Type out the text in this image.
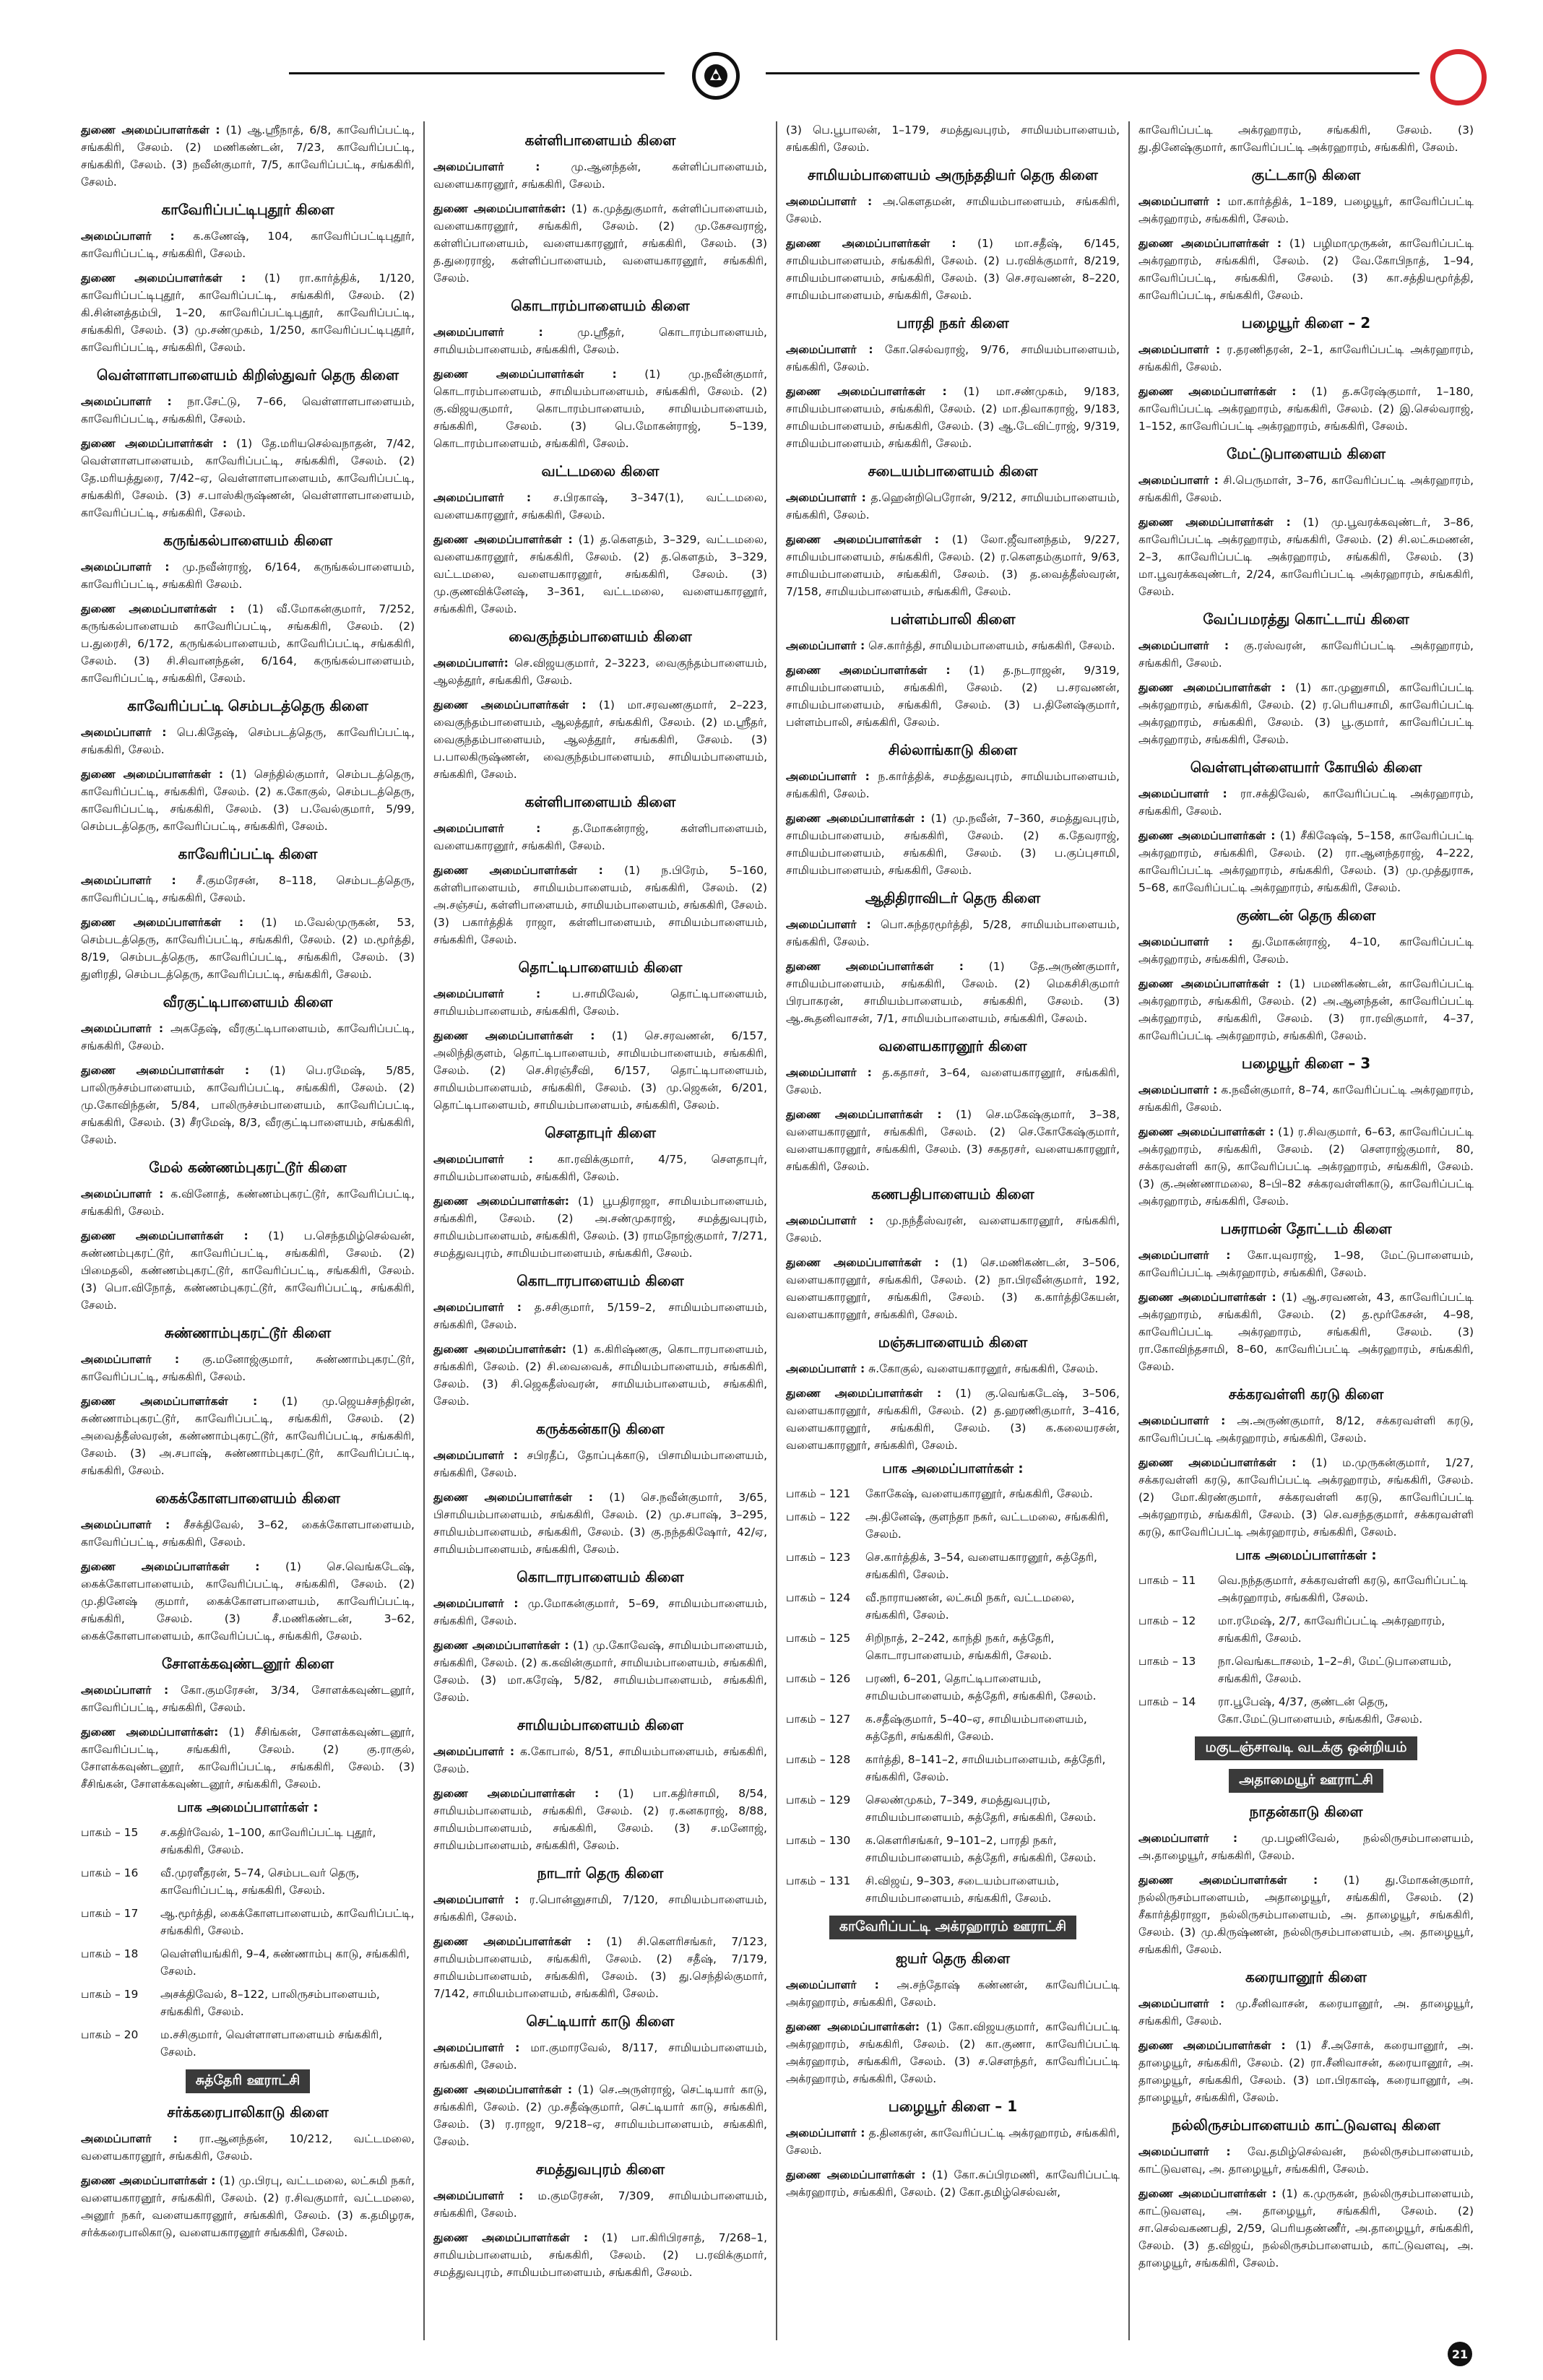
துணை அமைப்பாளர்கள் : (1) ஆ.ஸ்ரீநாத், 6/8, காவேரிப்பட்டி, சங்ககிரி, சேலம். (2) மணிகண்டன், 7/23, காவேரிப்பட்டி, சங்ககிரி, சேலம். (3) நவீன்குமார், 7/5, காவேரிப்பட்டி, சங்ககிரி, சேலம்.

காவேரிப்பட்டிபுதூர் கிளை

அமைப்பாளர் : க.கணேஷ், 104, காவேரிப்பட்டிபுதூர், காவேரிப்பட்டி, சங்ககிரி, சேலம்.

துணை அமைப்பாளர்கள் : (1) ரா.கார்த்திக், 1/120, காவேரிப்பட்டிபுதூர், காவேரிப்பட்டி, சங்ககிரி, சேலம். (2) கி.சின்னத்தம்பி, 1–20, காவேரிப்பட்டிபுதூர், காவேரிப்பட்டி, சங்ககிரி, சேலம். (3) மு.சண்முகம், 1/250, காவேரிப்பட்டிபுதூர், காவேரிப்பட்டி, சங்ககிரி, சேலம்.

வெள்ளாளபாளையம் கிறிஸ்துவர் தெரு கிளை

அமைப்பாளர் : நா.சேட்டு, 7–66, வெள்ளாளபாளையம், காவேரிப்பட்டி, சங்ககிரி, சேலம்.

துணை அமைப்பாளர்கள் : (1) தே.மரியசெல்வநாதன், 7/42, வெள்ளாளபாளையம், காவேரிப்பட்டி, சங்ககிரி, சேலம். (2) தே.மரியத்துரை, 7/42–ஏ, வெள்ளாளபாளையம், காவேரிப்பட்டி, சங்ககிரி, சேலம். (3) ச.பாஸ்கிருஷ்ணன், வெள்ளாளபாளையம், காவேரிப்பட்டி, சங்ககிரி, சேலம்.

கருங்கல்பாளையம் கிளை

அமைப்பாளர் : மு.நவீன்ராஜ், 6/164, கருங்கல்பாளையம், காவேரிப்பட்டி, சங்ககிரி சேலம்.

துணை அமைப்பாளர்கள் : (1) வீ.மோகன்குமார், 7/252, கருங்கல்பாளையம் காவேரிப்பட்டி, சங்ககிரி, சேலம். (2) ப.துரைசி, 6/172, கருங்கல்பாளையம், காவேரிப்பட்டி, சங்ககிரி, சேலம். (3) சி.சிவானந்தன், 6/164, கருங்கல்பாளையம், காவேரிப்பட்டி, சங்ககிரி, சேலம்.

காவேரிப்பட்டி செம்படத்தெரு கிளை

அமைப்பாளர் : பெ.கிதேஷ், செம்படத்தெரு, காவேரிப்பட்டி, சங்ககிரி, சேலம்.

துணை அமைப்பாளர்கள் : (1) செந்தில்குமார், செம்படத்தெரு, காவேரிப்பட்டி, சங்ககிரி, சேலம். (2) க.கோகுல், செம்படத்தெரு, காவேரிப்பட்டி, சங்ககிரி, சேலம். (3) ப.வேல்குமார், 5/99, செம்படத்தெரு, காவேரிப்பட்டி, சங்ககிரி, சேலம்.

காவேரிப்பட்டி கிளை

அமைப்பாளர் : சீ.குமரேசன், 8–118, செம்படத்தெரு, காவேரிப்பட்டி, சங்ககிரி, சேலம்.

துணை அமைப்பாளர்கள் : (1) ம.வேல்முருகன், 53, செம்படத்தெரு, காவேரிப்பட்டி, சங்ககிரி, சேலம். (2) ம.மூர்த்தி, 8/19, செம்படத்தெரு, காவேரிப்பட்டி, சங்ககிரி, சேலம். (3) துளிரதி, செம்படத்தெரு, காவேரிப்பட்டி, சங்ககிரி, சேலம்.

வீரகுட்டிபாளையம் கிளை

அமைப்பாளர் : அகதேஷ், வீரகுட்டிபாளையம், காவேரிப்பட்டி, சங்ககிரி, சேலம்.

துணை அமைப்பாளர்கள் : (1) பெ.ரமேஷ், 5/85, பாலிருச்சம்பாளையம், காவேரிப்பட்டி, சங்ககிரி, சேலம். (2) மு.கோவிந்தன், 5/84, பாலிருச்சம்பாளையம், காவேரிப்பட்டி, சங்ககிரி, சேலம். (3) சீரமேஷ், 8/3, வீரகுட்டிபாளையம், சங்ககிரி, சேலம்.

மேல் கண்ணம்புகரட்டூர் கிளை

அமைப்பாளர் : க.வினோத், கண்ணம்புகரட்டூர், காவேரிப்பட்டி, சங்ககிரி, சேலம்.

துணை அமைப்பாளர்கள் : (1) ப.செந்தமிழ்செல்வன், சுண்ணம்புகரட்டூர், காவேரிப்பட்டி, சங்ககிரி, சேலம். (2) பிமைதலி, கண்ணம்புகரட்டூர், காவேரிப்பட்டி, சங்ககிரி, சேலம். (3) பொ.விநோத், கண்ணம்புகரட்டூர், காவேரிப்பட்டி, சங்ககிரி, சேலம்.

சுண்ணாம்புகரட்டூர் கிளை

அமைப்பாளர் : கு.மனோஜ்குமார், சுண்ணாம்புகரட்டூர், காவேரிப்பட்டி, சங்ககிரி, சேலம்.

துணை அமைப்பாளர்கள் : (1) மு.ஜெயச்சந்திரன், சுண்ணாம்புகரட்டூர், காவேரிப்பட்டி, சங்ககிரி, சேலம். (2) அவைத்தீஸ்வரன், கண்ணாம்புகரட்டூர், காவேரிப்பட்டி, சங்ககிரி, சேலம். (3) அ.சபாஷ், சுண்ணாம்புகரட்டூர், காவேரிப்பட்டி, சங்ககிரி, சேலம்.

கைக்கோளபாளையம் கிளை

அமைப்பாளர் : சீசக்திவேல், 3–62, கைக்கோளபாளையம், காவேரிப்பட்டி, சங்ககிரி, சேலம்.

துணை அமைப்பாளர்கள் : (1) செ.வெங்கடேஷ், கைக்கோளபாளையம், காவேரிப்பட்டி, சங்ககிரி, சேலம். (2) மு.தினேஷ் குமார், கைக்கோளபாளையம், காவேரிப்பட்டி, சங்ககிரி, சேலம். (3) சீ.மணிகண்டன், 3–62, கைக்கோளபாளையம், காவேரிப்பட்டி, சங்ககிரி, சேலம்.

சோளக்கவுண்டனூர் கிளை

அமைப்பாளர் : கோ.குமரேசன், 3/34, சோளக்கவுண்டனூர், காவேரிப்பட்டி, சங்ககிரி, சேலம்.

துணை அமைப்பாளர்கள்: (1) சீசிங்கன், சோளக்கவுண்டனூர், காவேரிப்பட்டி, சங்ககிரி, சேலம். (2) கு.ராகுல், சோளக்கவுண்டனூர், காவேரிப்பட்டி, சங்ககிரி, சேலம். (3) சீசிங்கன், சோளக்கவுண்டனூர், சங்ககிரி, சேலம்.

பாக அமைப்பாளர்கள் :
பாகம் – 15	ச.கதிர்வேல், 1–100, காவேரிப்பட்டி புதூர், சங்ககிரி, சேலம்.
பாகம் – 16	வீ.முரளீதரன், 5–74, செம்படவர் தெரு, காவேரிப்பட்டி, சங்ககிரி, சேலம்.
பாகம் – 17	ஆ.மூர்த்தி, கைக்கோளபாளையம், காவேரிப்பட்டி, சங்ககிரி, சேலம்.
பாகம் – 18	வெள்ளியங்கிரி, 9–4, சுண்ணாம்பு காடு, சங்ககிரி, சேலம்.
பாகம் – 19	அசக்திவேல், 8–122, பாலிருசம்பாளையம், சங்ககிரி, சேலம்.
பாகம் – 20	ம.சசிகுமார், வெள்ளாளபாளையம் சங்ககிரி, சேலம்.
சுத்தேரி ஊராட்சி
சர்க்கரைபாலிகாடு கிளை

அமைப்பாளர் : ரா.ஆனந்தன், 10/212, வட்டமலை, வளையகாரனூர், சங்ககிரி, சேலம்.

துணை அமைப்பாளர்கள் : (1) மு.பிரபு, வட்டமலை, லட்சுமி நகர், வளையகாரனூர், சங்ககிரி, சேலம். (2) ர.சிவகுமார், வட்டமலை, அனூர் நகர், வளையகாரனூர், சங்ககிரி, சேலம். (3) க.தமிழரசு, சர்க்கரைபாலிகாடு, வளையகாரனூர் சங்ககிரி, சேலம்.

கள்ளிபாளையம் கிளை

அமைப்பாளர் :	மு.ஆனந்தன், கள்ளிப்பாளையம், வளையகாரனூர், சங்ககிரி, சேலம்.

துணை அமைப்பாளர்கள்: (1) க.முத்துகுமார், கள்ளிப்பாளையம், வளையகாரனூர், சங்ககிரி, சேலம். (2) மு.கேசவராஜ், கள்ளிப்பாளையம், வளையகாரனூர், சங்ககிரி, சேலம். (3) த.துரைராஜ், கள்ளிப்பாளையம், வளையகாரனூர், சங்ககிரி, சேலம்.

கொடாரம்பாளையம் கிளை

அமைப்பாளர் :	மு.ஸ்ரீதர், கொடாரம்பாளையம், சாமியம்பாளையம், சங்ககிரி, சேலம்.

துணை அமைப்பாளர்கள் : (1) மு.நவீன்குமார், கொடாரம்பாளையம், சாமியம்பாளையம், சங்ககிரி, சேலம். (2) கு.விஜயகுமார், கொடாரம்பாளையம், சாமியம்பாளையம், சங்ககிரி, சேலம். (3) பெ.மோகன்ராஜ், 5–139, கொடாரம்பாளையம், சங்ககிரி, சேலம்.

வட்டமலை கிளை

அமைப்பாளர் : ச.பிரகாஷ், 3–347(1), வட்டமலை, வளையகாரனூர், சங்ககிரி, சேலம்.

துணை அமைப்பாளர்கள் : (1) த.கௌதம், 3–329, வட்டமலை, வளையகாரனூர், சங்ககிரி, சேலம். (2) த.கௌதம், 3–329, வட்டமலை, வளையகாரனூர், சங்ககிரி, சேலம். (3) மு.குணவிக்னேஷ், 3–361, வட்டமலை, வளையகாரனூர், சங்ககிரி, சேலம்.

வைகுந்தம்பாளையம் கிளை

அமைப்பாளர்: செ.விஜயகுமார், 2–3223, வைகுந்தம்பாளையம், ஆலத்தூர், சங்ககிரி, சேலம்.

துணை அமைப்பாளர்கள் : (1) மா.சரவணகுமார், 2–223, வைகுந்தம்பாளையம், ஆலத்தூர், சங்ககிரி, சேலம். (2) ம.ஸ்ரீதர், வைகுந்தம்பாளையம், ஆலத்தூர், சங்ககிரி, சேலம். (3) ப.பாலகிருஷ்ணன், வைகுந்தம்பாளையம், சாமியம்பாளையம், சங்ககிரி, சேலம்.

கள்ளிபாளையம் கிளை

அமைப்பாளர் :	த.மோகன்ராஜ், கள்ளிபாளையம், வளையகாரனூர், சங்ககிரி, சேலம்.

துணை அமைப்பாளர்கள் : (1) ந.பிரேம், 5–160, கள்ளிபாளையம், சாமியம்பாளையம், சங்ககிரி, சேலம். (2) அ.சஞ்சய், கள்ளிபாளையம், சாமியம்பாளையம், சங்ககிரி, சேலம். (3) பகார்த்திக் ராஜா, கள்ளிபாளையம், சாமியம்பாளையம், சங்ககிரி, சேலம்.

தொட்டிபாளையம் கிளை

அமைப்பாளர் :	ப.சாமிவேல், தொட்டிபாளையம், சாமியம்பாளையம், சங்ககிரி, சேலம்.

துணை அமைப்பாளர்கள் : (1) செ.சரவணன், 6/157, அலிந்திகுளம், தொட்டிபாளையம், சாமியம்பாளையம், சங்ககிரி, சேலம். (2) செ.சிரஞ்சீவி, 6/157, தொட்டிபாளையம், சாமியம்பாளையம், சங்ககிரி, சேலம். (3) மு.ஜெகன், 6/201, தொட்டிபாளையம், சாமியம்பாளையம், சங்ககிரி, சேலம்.

சௌதாபுர் கிளை

அமைப்பாளர் : கா.ரவிக்குமார், 4/75, சௌதாபுர், சாமியம்பாளையம், சங்ககிரி, சேலம்.

துணை அமைப்பாளர்கள்: (1) பூபதிராஜா, சாமியம்பாளையம், சங்ககிரி, சேலம். (2) அ.சண்முகராஜ், சமத்துவபுரம், சாமியம்பாளையம், சங்ககிரி, சேலம். (3) ராமநோஜ்குமார், 7/271, சமத்துவபுரம், சாமியம்பாளையம், சங்ககிரி, சேலம்.

கொடாரபாளையம் கிளை

அமைப்பாளர் : த.சசிகுமார், 5/159–2, சாமியம்பாளையம், சங்ககிரி, சேலம்.

துணை அமைப்பாளர்கள்: (1) க.கிரிஷ்ணகு, கொடாரபாளையம், சங்ககிரி, சேலம். (2) சி.வைவைக், சாமியம்பாளையம், சங்ககிரி, சேலம். (3) சி.ஜெகதீஸ்வரன், சாமியம்பாளையம், சங்ககிரி, சேலம்.

கருக்கன்காடு கிளை

அமைப்பாளர் : சபிரதீப், தோப்புக்காடு, பிசாமியம்பாளையம், சங்ககிரி, சேலம்.

துணை அமைப்பாளர்கள் : (1) செ.நவீன்குமார், 3/65, பிசாமியம்பாளையம், சங்ககிரி, சேலம். (2) மு.சபாஷ், 3–295, சாமியம்பாளையம், சங்ககிரி, சேலம். (3) கு.நந்தகிஷோர், 42/ஏ, சாமியம்பாளையம், சங்ககிரி, சேலம்.

கொடாரபாளையம் கிளை

அமைப்பாளர் : மு.மோகன்குமார், 5–69, சாமியம்பாளையம், சங்ககிரி, சேலம்.

துணை அமைப்பாளர்கள் : (1) மு.கோவேஷ், சாமியம்பாளையம், சங்ககிரி, சேலம். (2) க.கவின்குமார், சாமியம்பாளையம், சங்ககிரி, சேலம். (3) மா.கரேஷ், 5/82, சாமியம்பாளையம், சங்ககிரி, சேலம்.

சாமியம்பாளையம் கிளை

அமைப்பாளர் : க.கோபால், 8/51, சாமியம்பாளையம், சங்ககிரி, சேலம்.

துணை அமைப்பாளர்கள் : (1) பா.கதிர்சாமி, 8/54, சாமியம்பாளையம், சங்ககிரி, சேலம். (2) ர.கனகராஜ், 8/88, சாமியம்பாளையம், சங்ககிரி, சேலம். (3) ச.மனோஜ், சாமியம்பாளையம், சங்ககிரி, சேலம்.

நாடார் தெரு கிளை

அமைப்பாளர் : ர.பொன்னுசாமி, 7/120, சாமியம்பாளையம், சங்ககிரி, சேலம்.

துணை அமைப்பாளர்கள் : (1) சி.கௌரிசங்கர், 7/123, சாமியம்பாளையம், சங்ககிரி, சேலம். (2) சதீஷ், 7/179, சாமியம்பாளையம், சங்ககிரி, சேலம். (3) து.செந்தில்குமார், 7/142, சாமியம்பாளையம், சங்ககிரி, சேலம்.

செட்டியார் காடு கிளை

அமைப்பாளர் : மா.குமாரவேல், 8/117, சாமியம்பாளையம், சங்ககிரி, சேலம்.

துணை அமைப்பாளர்கள் : (1) செ.அருள்ராஜ், செட்டியார் காடு, சங்ககிரி, சேலம். (2) மு.சதீஷ்குமார், செட்டியார் காடு, சங்ககிரி, சேலம். (3) ர.ராஜா, 9/218–ஏ, சாமியம்பாளையம், சங்ககிரி, சேலம்.

சமத்துவபுரம் கிளை

அமைப்பாளர் : ம.குமரேசன், 7/309, சாமியம்பாளையம், சங்ககிரி, சேலம்.

துணை அமைப்பாளர்கள் : (1) பா.கிரிபிரசாத், 7/268–1, சாமியம்பாளையம், சங்ககிரி, சேலம். (2) ப.ரவிக்குமார், சமத்துவபுரம், சாமியம்பாளையம், சங்ககிரி, சேலம்.

(3) பெ.பூபாலன், 1–179, சமத்துவபுரம், சாமியம்பாளையம், சங்ககிரி, சேலம்.

சாமியம்பாளையம் அருந்ததியர் தெரு கிளை

அமைப்பாளர் : அ.கௌதமன், சாமியம்பாளையம், சங்ககிரி, சேலம்.

துணை அமைப்பாளர்கள் : (1) மா.சதீஷ், 6/145, சாமியம்பாளையம், சங்ககிரி, சேலம். (2) ப.ரவிக்குமார், 8/219, சாமியம்பாளையம், சங்ககிரி, சேலம். (3) செ.சரவணன், 8–220, சாமியம்பாளையம், சங்ககிரி, சேலம்.

பாரதி நகர் கிளை

அமைப்பாளர் : கோ.செல்வராஜ், 9/76, சாமியம்பாளையம், சங்ககிரி, சேலம்.

துணை அமைப்பாளர்கள் : (1) மா.சண்முகம், 9/183, சாமியம்பாளையம், சங்ககிரி, சேலம். (2) மா.திவாகராஜ், 9/183, சாமியம்பாளையம், சங்ககிரி, சேலம். (3) ஆ.டேவிட்ராஜ், 9/319, சாமியம்பாளையம், சங்ககிரி, சேலம்.

சடையம்பாளையம் கிளை

அமைப்பாளர் : த.ஹென்றிபெரோன், 9/212, சாமியம்பாளையம், சங்ககிரி, சேலம்.

துணை அமைப்பாளர்கள் : (1) லோ.ஜீவானந்தம், 9/227, சாமியம்பாளையம், சங்ககிரி, சேலம். (2) ர.கௌதம்குமார், 9/63, சாமியம்பாளையம், சங்ககிரி, சேலம். (3) த.வைத்தீஸ்வரன், 7/158, சாமியம்பாளையம், சங்ககிரி, சேலம்.

பள்ளம்பாலி கிளை

அமைப்பாளர் : செ.கார்த்தி, சாமியம்பாளையம், சங்ககிரி, சேலம்.

துணை அமைப்பாளர்கள் : (1) த.நடராஜன், 9/319, சாமியம்பாளையம், சங்ககிரி, சேலம். (2) ப.சரவணன், சாமியம்பாளையம், சங்ககிரி, சேலம். (3) ப.தினேஷ்குமார், பள்ளம்பாலி, சங்ககிரி, சேலம்.

சில்லாங்காடு கிளை

அமைப்பாளர் : ந.கார்த்திக், சமத்துவபுரம், சாமியம்பாளையம், சங்ககிரி, சேலம்.

துணை அமைப்பாளர்கள் : (1) மு.நவீன், 7–360, சமத்துவபுரம், சாமியம்பாளையம், சங்ககிரி, சேலம். (2) க.தேவராஜ், சாமியம்பாளையம், சங்ககிரி, சேலம். (3) ப.குப்புசாமி, சாமியம்பாளையம், சங்ககிரி, சேலம்.

ஆதிதிராவிடர் தெரு கிளை

அமைப்பாளர் : பொ.சுந்தரமூர்த்தி, 5/28, சாமியம்பாளையம், சங்ககிரி, சேலம்.

துணை அமைப்பாளர்கள் : (1) தே.அருண்குமார், சாமியம்பாளையம், சங்ககிரி, சேலம். (2) மெகசிசிகுமார் பிரபாகரன், சாமியம்பாளையம், சங்ககிரி, சேலம். (3) ஆ.கூதனிவாசன், 7/1, சாமியம்பாளையம், சங்ககிரி, சேலம்.

வளையகாரனூர் கிளை

அமைப்பாளர் : த.கதாசர், 3–64, வளையகாரனூர், சங்ககிரி, சேலம்.

துணை அமைப்பாளர்கள் : (1) செ.மகேஷ்குமார், 3–38, வளையகாரனூர், சங்ககிரி, சேலம். (2) செ.கோகேஷ்குமார், வளையகாரனூர், சங்ககிரி, சேலம். (3) சகதரசர், வளையகாரனூர், சங்ககிரி, சேலம்.

கணபதிபாளையம் கிளை

அமைப்பாளர் : மு.நந்தீஸ்வரன், வளையகாரனூர், சங்ககிரி, சேலம்.

துணை அமைப்பாளர்கள் : (1) செ.மணிகண்டன், 3–506, வளையகாரனூர், சங்ககிரி, சேலம். (2) நா.பிரவீன்குமார், 192, வளையகாரனூர், சங்ககிரி, சேலம். (3) க.கார்த்திகேயன், வளையகாரனூர், சங்ககிரி, சேலம்.

மஞ்சுபாளையம் கிளை

அமைப்பாளர் : சு.கோகுல், வளையகாரனூர், சங்ககிரி, சேலம்.

துணை அமைப்பாளர்கள் : (1) கு.வெங்கடேஷ், 3–506, வளையகாரனூர், சங்ககிரி, சேலம். (2) த.ஹரணிகுமார், 3–416, வளையகாரனூர், சங்ககிரி, சேலம். (3) க.கலையரசன், வளையகாரனூர், சங்ககிரி, சேலம்.

பாக அமைப்பாளர்கள் :
பாகம் – 121	கோகேஷ், வளையகாரனூர், சங்ககிரி, சேலம்.
பாகம் – 122	அ.தினேஷ், குளந்தா நகர், வட்டமலை, சங்ககிரி, சேலம்.
பாகம் – 123	செ.கார்த்திக், 3–54, வளையகாரனூர், சுத்தேரி, சங்ககிரி, சேலம்.
பாகம் – 124	வீ.நாராயணன், லட்சுமி நகர், வட்டமலை, சங்ககிரி, சேலம்.
பாகம் – 125	சிறிநாத், 2–242, காந்தி நகர், சுத்தேரி, கொடாரபாளையம், சங்ககிரி, சேலம்.
பாகம் – 126	பரணி, 6–201, தொட்டிபாளையம், சாமியம்பாளையம், சுத்தேரி, சங்ககிரி, சேலம்.
பாகம் – 127	க.சதீஷ்குமார், 5–40–ஏ, சாமியம்பாளையம், சுத்தேரி, சங்ககிரி, சேலம்.
பாகம் – 128	கார்த்தி, 8–141–2, சாமியம்பாளையம், சுத்தேரி, சங்ககிரி, சேலம்.
பாகம் – 129	செலண்முகம், 7–349, சமத்துவபுரம், சாமியம்பாளையம், சுத்தேரி, சங்ககிரி, சேலம்.
பாகம் – 130	க.கௌரிசங்கர், 9–101–2, பாரதி நகர், சாமியம்பாளையம், சுத்தேரி, சங்ககிரி, சேலம்.
பாகம் – 131	சி.விஜய், 9–303, சடையம்பாளையம், சாமியம்பாளையம், சங்ககிரி, சேலம்.
காவேரிப்பட்டி அக்ரஹாரம் ஊராட்சி
ஐயர் தெரு கிளை

அமைப்பாளர் : அ.சந்தோஷ் கண்ணன், காவேரிப்பட்டி அக்ரஹாரம், சங்ககிரி, சேலம்.

துணை அமைப்பாளர்கள்: (1) கோ.விஜயகுமார், காவேரிப்பட்டி அக்ரஹாரம், சங்ககிரி, சேலம். (2) கா.குணா, காவேரிப்பட்டி அக்ரஹாரம், சங்ககிரி, சேலம். (3) ச.சௌந்தர், காவேரிப்பட்டி அக்ரஹாரம், சங்ககிரி, சேலம்.

பழையூர் கிளை – 1

அமைப்பாளர் : த.தினகரன், காவேரிப்பட்டி அக்ரஹாரம், சங்ககிரி, சேலம்.

துணை அமைப்பாளர்கள் : (1) கோ.சுப்பிரமணி, காவேரிப்பட்டி அக்ரஹாரம், சங்ககிரி, சேலம். (2) கோ.தமிழ்செல்வன்,

காவேரிப்பட்டி அக்ரஹாரம், சங்ககிரி, சேலம். (3) து.தினேஷ்குமார், காவேரிப்பட்டி அக்ரஹாரம், சங்ககிரி, சேலம்.

குட்டகாடு கிளை

அமைப்பாளர் : மா.கார்த்திக், 1–189, பழையூர், காவேரிப்பட்டி அக்ரஹாரம், சங்ககிரி, சேலம்.

துணை அமைப்பாளர்கள் : (1) பழிமாமுருகன், காவேரிப்பட்டி அக்ரஹாரம், சங்ககிரி, சேலம். (2) வே.கோபிநாத், 1–94, காவேரிப்பட்டி, சங்ககிரி, சேலம். (3) கா.சத்தியமூர்த்தி, காவேரிப்பட்டி, சங்ககிரி, சேலம்.

பழையூர் கிளை – 2

அமைப்பாளர் : ர.தரணிதரன், 2–1, காவேரிப்பட்டி அக்ரஹாரம், சங்ககிரி, சேலம்.

துணை அமைப்பாளர்கள் : (1) த.சுரேஷ்குமார், 1–180, காவேரிப்பட்டி அக்ரஹாரம், சங்ககிரி, சேலம். (2) இ.செல்வராஜ், 1–152, காவேரிப்பட்டி அக்ரஹாரம், சங்ககிரி, சேலம்.

மேட்டுபாளையம் கிளை

அமைப்பாளர் : சி.பெருமாள், 3–76, காவேரிப்பட்டி அக்ரஹாரம், சங்ககிரி, சேலம்.

துணை அமைப்பாளர்கள் : (1) மு.பூவரக்கவுண்டர், 3–86, காவேரிப்பட்டி அக்ரஹாரம், சங்ககிரி, சேலம். (2) சி.லட்சுமணன், 2–3, காவேரிப்பட்டி அக்ரஹாரம், சங்ககிரி, சேலம். (3) மா.பூவரக்கவுண்டர், 2/24, காவேரிப்பட்டி அக்ரஹாரம், சங்ககிரி, சேலம்.

வேப்பமரத்து கொட்டாய் கிளை

அமைப்பாளர் : கு.ரஸ்வரன், காவேரிப்பட்டி அக்ரஹாரம், சங்ககிரி, சேலம்.

துணை அமைப்பாளர்கள் : (1) கா.முனுசாமி, காவேரிப்பட்டி அக்ரஹாரம், சங்ககிரி, சேலம். (2) ர.பெரியசாமி, காவேரிப்பட்டி அக்ரஹாரம், சங்ககிரி, சேலம். (3) பூ.குமார், காவேரிப்பட்டி அக்ரஹாரம், சங்ககிரி, சேலம்.

வெள்ளபுள்ளையார் கோயில் கிளை

அமைப்பாளர் : ரா.சக்திவேல், காவேரிப்பட்டி அக்ரஹாரம், சங்ககிரி, சேலம்.

துணை அமைப்பாளர்கள் : (1) சீகிஷேஷ், 5–158, காவேரிப்பட்டி அக்ரஹாரம், சங்ககிரி, சேலம். (2) ரா.ஆனந்தராஜ், 4–222, காவேரிப்பட்டி அக்ரஹாரம், சங்ககிரி, சேலம். (3) மு.முத்துராசு, 5–68, காவேரிப்பட்டி அக்ரஹாரம், சங்ககிரி, சேலம்.

குண்டன் தெரு கிளை

அமைப்பாளர் : து.மோகன்ராஜ், 4–10, காவேரிப்பட்டி அக்ரஹாரம், சங்ககிரி, சேலம்.

துணை அமைப்பாளர்கள் : (1) பமணிகண்டன், காவேரிப்பட்டி அக்ரஹாரம், சங்ககிரி, சேலம். (2) அ.ஆனந்தன், காவேரிப்பட்டி அக்ரஹாரம், சங்ககிரி, சேலம். (3) ரா.ரவிகுமார், 4–37, காவேரிப்பட்டி அக்ரஹாரம், சங்ககிரி, சேலம்.

பழையூர் கிளை – 3

அமைப்பாளர் : க.நவீன்குமார், 8–74, காவேரிப்பட்டி அக்ரஹாரம், சங்ககிரி, சேலம்.

துணை அமைப்பாளர்கள் : (1) ர.சிவகுமார், 6–63, காவேரிப்பட்டி அக்ரஹாரம், சங்ககிரி, சேலம். (2) சௌராஜ்குமார், 80, சக்கரவள்ளி காடு, காவேரிப்பட்டி அக்ரஹாரம், சங்ககிரி, சேலம். (3) கு.அண்ணாமலை, 8–பி–82 சக்கரவள்ளிகாடு, காவேரிப்பட்டி அக்ரஹாரம், சங்ககிரி, சேலம்.

பசுராமன் தோட்டம் கிளை

அமைப்பாளர் : கோ.யுவராஜ், 1–98, மேட்டுபாளையம், காவேரிப்பட்டி அக்ரஹாரம், சங்ககிரி, சேலம்.

துணை அமைப்பாளர்கள் : (1) ஆ.சரவணன், 43, காவேரிப்பட்டி அக்ரஹாரம், சங்ககிரி, சேலம். (2) த.மூர்கேசன், 4–98, காவேரிப்பட்டி அக்ரஹாரம், சங்ககிரி, சேலம். (3) ரா.கோவிந்தசாமி, 8–60, காவேரிப்பட்டி அக்ரஹாரம், சங்ககிரி, சேலம்.

சக்கரவள்ளி கரடு கிளை

அமைப்பாளர் : அ.அருண்குமார், 8/12, சக்கரவள்ளி கரடு, காவேரிப்பட்டி அக்ரஹாரம், சங்ககிரி, சேலம்.

துணை அமைப்பாளர்கள் : (1) ம.முருகன்குமார், 1/27, சக்கரவள்ளி கரடு, காவேரிப்பட்டி அக்ரஹாரம், சங்ககிரி, சேலம். (2) மோ.கிரண்குமார், சக்கரவள்ளி கரடு, காவேரிப்பட்டி அக்ரஹாரம், சங்ககிரி, சேலம். (3) செ.வசந்தகுமார், சக்கரவள்ளி கரடு, காவேரிப்பட்டி அக்ரஹாரம், சங்ககிரி, சேலம்.

பாக அமைப்பாளர்கள் :
பாகம் – 11	வெ.நந்தகுமார், சக்கரவள்ளி கரடு, காவேரிப்பட்டி அக்ரஹாரம், சங்ககிரி, சேலம்.
பாகம் – 12	மா.ரமேஷ், 2/7, காவேரிப்பட்டி அக்ரஹாரம், சங்ககிரி, சேலம்.
பாகம் – 13	நா.வெங்கடாசலம், 1–2–சி, மேட்டுபாளையம், சங்ககிரி, சேலம்.
பாகம் – 14	ரா.பூபேஷ், 4/37, குண்டன் தெரு, கோ.மேட்டுபாளையம், சங்ககிரி, சேலம்.
மகுடஞ்சாவடி வடக்கு ஒன்றியம்
அதாமையூர் ஊராட்சி
நாதன்காடு கிளை

அமைப்பாளர் : மு.பழனிவேல், நல்லிருசம்பாளையம், அ.தாழையூர், சங்ககிரி, சேலம்.

துணை அமைப்பாளர்கள் : (1) து.மோகன்குமார், நல்லிருசம்பாளையம், அதாழையூர், சங்ககிரி, சேலம். (2) சீகார்த்திராஜா, நல்லிருசம்பாளையம், அ. தாழையூர், சங்ககிரி, சேலம். (3) மு.கிருஷ்ணன், நல்லிருசம்பாளையம், அ. தாழையூர், சங்ககிரி, சேலம்.

கரையானூர் கிளை

அமைப்பாளர் : மு.சீனிவாசன், கரையானூர், அ. தாழையூர், சங்ககிரி, சேலம்.

துணை அமைப்பாளர்கள் : (1) சீ.அசோக், கரையானூர், அ. தாழையூர், சங்ககிரி, சேலம். (2) ரா.சீனிவாசன், கரையானூர், அ. தாழையூர், சங்ககிரி, சேலம். (3) மா.பிரகாஷ், கரையானூர், அ. தாழையூர், சங்ககிரி, சேலம்.

நல்லிருசம்பாளையம் காட்டுவளவு கிளை

அமைப்பாளர் : வே.தமிழ்செல்வன், நல்லிருசம்பாளையம், காட்டுவளவு, அ. தாழையூர், சங்ககிரி, சேலம்.

துணை அமைப்பாளர்கள் : (1) க.முருகன், நல்லிருசம்பாளையம், காட்டுவளவு, அ. தாழையூர், சங்ககிரி, சேலம். (2) சா.செல்வகணபதி, 2/59, பெரியதண்ணீர், அ.தாழையூர், சங்ககிரி, சேலம். (3) த.விஜய், நல்லிருசம்பாளையம், காட்டுவளவு, அ. தாழையூர், சங்ககிரி, சேலம்.

21
